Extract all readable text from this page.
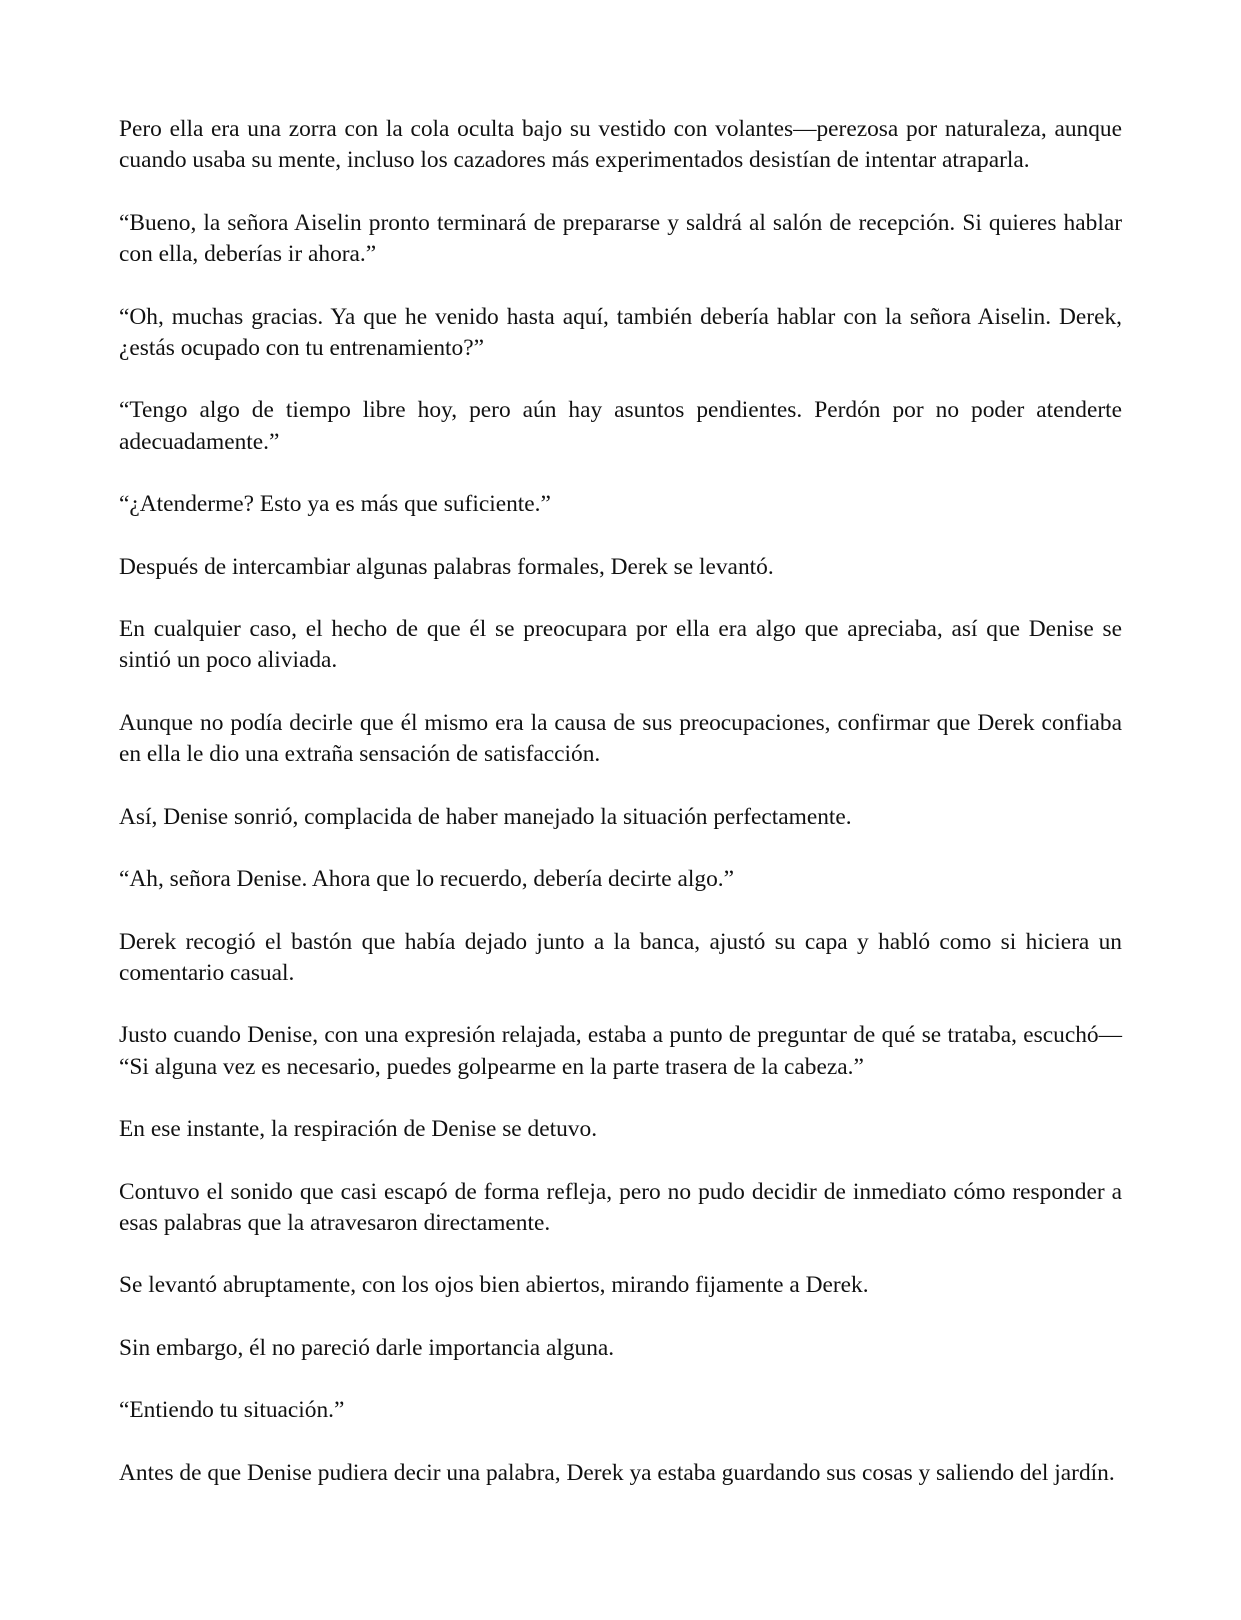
Pero ella era una zorra con la cola oculta bajo su vestido con volantes—perezosa por naturaleza, aunque cuando usaba su mente, incluso los cazadores más experimentados desistían de intentar atraparla.

“Bueno, la señora Aiselin pronto terminará de prepararse y saldrá al salón de recepción. Si quieres hablar con ella, deberías ir ahora.”

“Oh, muchas gracias. Ya que he venido hasta aquí, también debería hablar con la señora Aiselin. Derek, ¿estás ocupado con tu entrenamiento?”

“Tengo algo de tiempo libre hoy, pero aún hay asuntos pendientes. Perdón por no poder atenderte adecuadamente.”

“¿Atenderme? Esto ya es más que suficiente.”

Después de intercambiar algunas palabras formales, Derek se levantó.

En cualquier caso, el hecho de que él se preocupara por ella era algo que apreciaba, así que Denise se sintió un poco aliviada.

Aunque no podía decirle que él mismo era la causa de sus preocupaciones, confirmar que Derek confiaba en ella le dio una extraña sensación de satisfacción.

Así, Denise sonrió, complacida de haber manejado la situación perfectamente.

“Ah, señora Denise. Ahora que lo recuerdo, debería decirte algo.”

Derek recogió el bastón que había dejado junto a la banca, ajustó su capa y habló como si hiciera un comentario casual.

Justo cuando Denise, con una expresión relajada, estaba a punto de preguntar de qué se trataba, escuchó— “Si alguna vez es necesario, puedes golpearme en la parte trasera de la cabeza.”

En ese instante, la respiración de Denise se detuvo.

Contuvo el sonido que casi escapó de forma refleja, pero no pudo decidir de inmediato cómo responder a esas palabras que la atravesaron directamente.

Se levantó abruptamente, con los ojos bien abiertos, mirando fijamente a Derek.

Sin embargo, él no pareció darle importancia alguna.

“Entiendo tu situación.”

Antes de que Denise pudiera decir una palabra, Derek ya estaba guardando sus cosas y saliendo del jardín.
